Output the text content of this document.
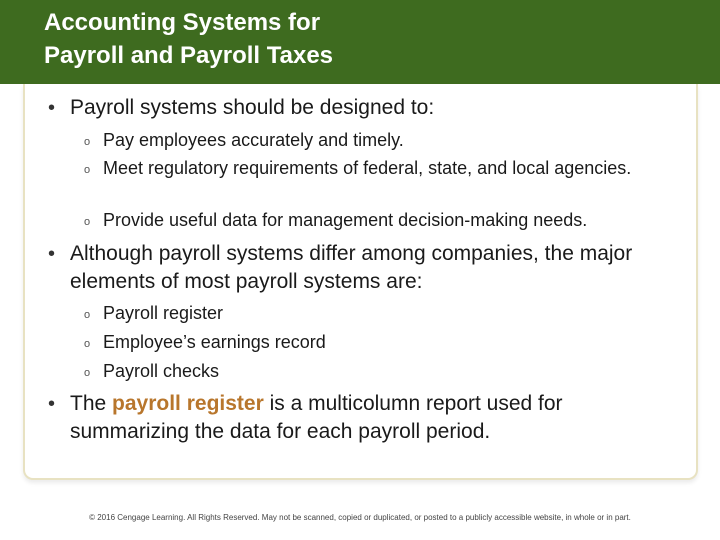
Accounting Systems for
Payroll and Payroll Taxes
• Payroll systems should be designed to:
o Pay employees accurately and timely.
o Meet regulatory requirements of federal, state, and local agencies.
o Provide useful data for management decision-making needs.
• Although payroll systems differ among companies, the major elements of most payroll systems are:
o Payroll register
o Employee’s earnings record
o Payroll checks
• The payroll register is a multicolumn report used for summarizing the data for each payroll period.
© 2016 Cengage Learning. All Rights Reserved. May not be scanned, copied or duplicated, or posted to a publicly accessible website, in whole or in part.
